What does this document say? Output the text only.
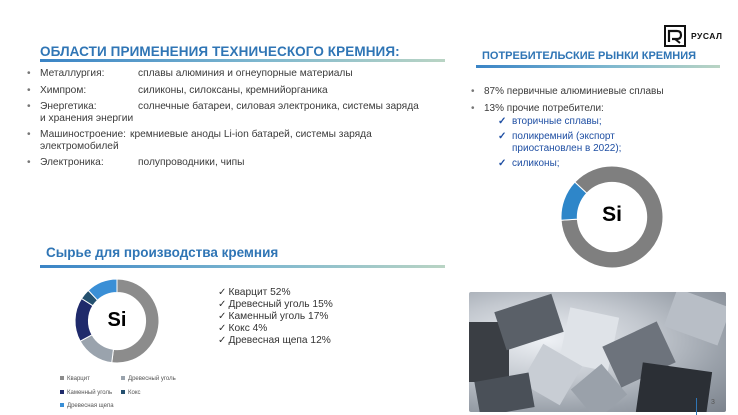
ОБЛАСТИ ПРИМЕНЕНИЯ ТЕХНИЧЕСКОГО КРЕМНИЯ:
• Металлургия:	сплавы алюминия и огнеупорные материалы
• Химпром:	силиконы, силоксаны, кремнийорганика
• Энергетика:	солнечные батареи, силовая электроника, системы заряда и хранения энергии
• Машиностроение: кремниевые аноды Li-ion батарей, системы заряда электромобилей
• Электроника:	полупроводники, чипы
РУСАЛ
ПОТРЕБИТЕЛЬСКИЕ РЫНКИ КРЕМНИЯ
• 87% первичные алюминиевые сплавы
• 13% прочие потребители:
✓ вторичные сплавы;
✓ поликремний (экспорт приостановлен в 2022);
✓ силиконы;
Si
Сырье для производства кремния
Si
✓ Кварцит 52%
✓ Древесный уголь 15%
✓ Каменный уголь 17%
✓ Кокс 4%
✓ Древесная щепа 12%
Кварцит	Древесный уголь
Каменный уголь	Кокс
Древесная щепа	3
